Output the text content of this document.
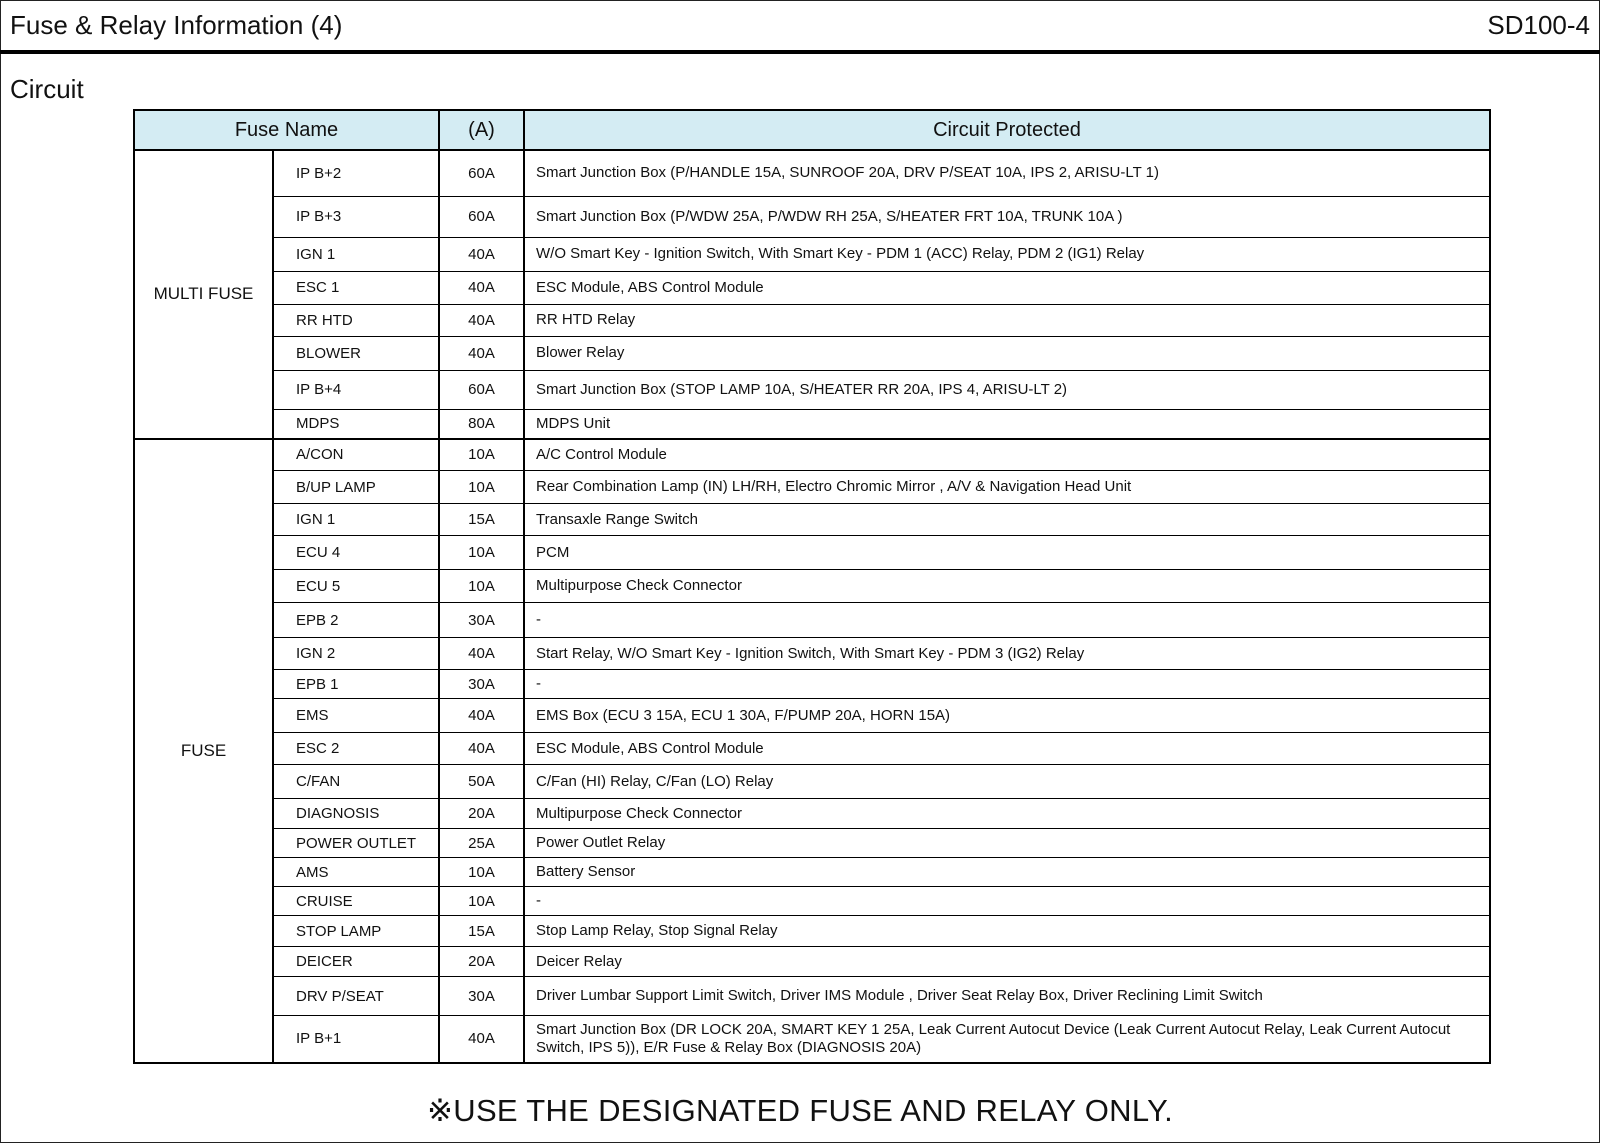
Fuse & Relay Information (4)	SD100-4
Circuit
Fuse Name		(A)	Circuit Protected
MULTI FUSE	IP B+2	60A	Smart Junction Box (P/HANDLE 15A, SUNROOF 20A, DRV P/SEAT 10A, IPS 2, ARISU-LT 1)
	IP B+3	60A	Smart Junction Box (P/WDW 25A, P/WDW RH 25A, S/HEATER FRT 10A, TRUNK 10A )
	IGN 1	40A	W/O Smart Key - Ignition Switch, With Smart Key - PDM 1 (ACC) Relay, PDM 2 (IG1) Relay
	ESC 1	40A	ESC Module, ABS Control Module
	RR HTD	40A	RR HTD Relay
	BLOWER	40A	Blower Relay
	IP B+4	60A	Smart Junction Box (STOP LAMP 10A, S/HEATER RR 20A, IPS 4, ARISU-LT 2)
	MDPS	80A	MDPS Unit
FUSE	A/CON	10A	A/C Control Module
	B/UP LAMP	10A	Rear Combination Lamp (IN) LH/RH, Electro Chromic Mirror , A/V & Navigation Head Unit
	IGN 1	15A	Transaxle Range Switch
	ECU 4	10A	PCM
	ECU 5	10A	Multipurpose Check Connector
	EPB 2	30A	-
	IGN 2	40A	Start Relay, W/O Smart Key - Ignition Switch, With Smart Key - PDM 3 (IG2) Relay
	EPB 1	30A	-
	EMS	40A	EMS Box (ECU 3 15A, ECU 1 30A, F/PUMP 20A, HORN 15A)
	ESC 2	40A	ESC Module, ABS Control Module
	C/FAN	50A	C/Fan (HI) Relay, C/Fan (LO) Relay
	DIAGNOSIS	20A	Multipurpose Check Connector
	POWER OUTLET	25A	Power Outlet Relay
	AMS	10A	Battery Sensor
	CRUISE	10A	-
	STOP LAMP	15A	Stop Lamp Relay, Stop Signal Relay
	DEICER	20A	Deicer Relay
	DRV P/SEAT	30A	Driver Lumbar Support Limit Switch, Driver IMS Module , Driver Seat Relay Box, Driver Reclining Limit Switch
	IP B+1	40A	Smart Junction Box (DR LOCK 20A, SMART KEY 1 25A, Leak Current Autocut Device (Leak Current Autocut Relay, Leak Current Autocut Switch, IPS 5)), E/R Fuse & Relay Box (DIAGNOSIS 20A)
※USE THE DESIGNATED FUSE AND RELAY ONLY.
